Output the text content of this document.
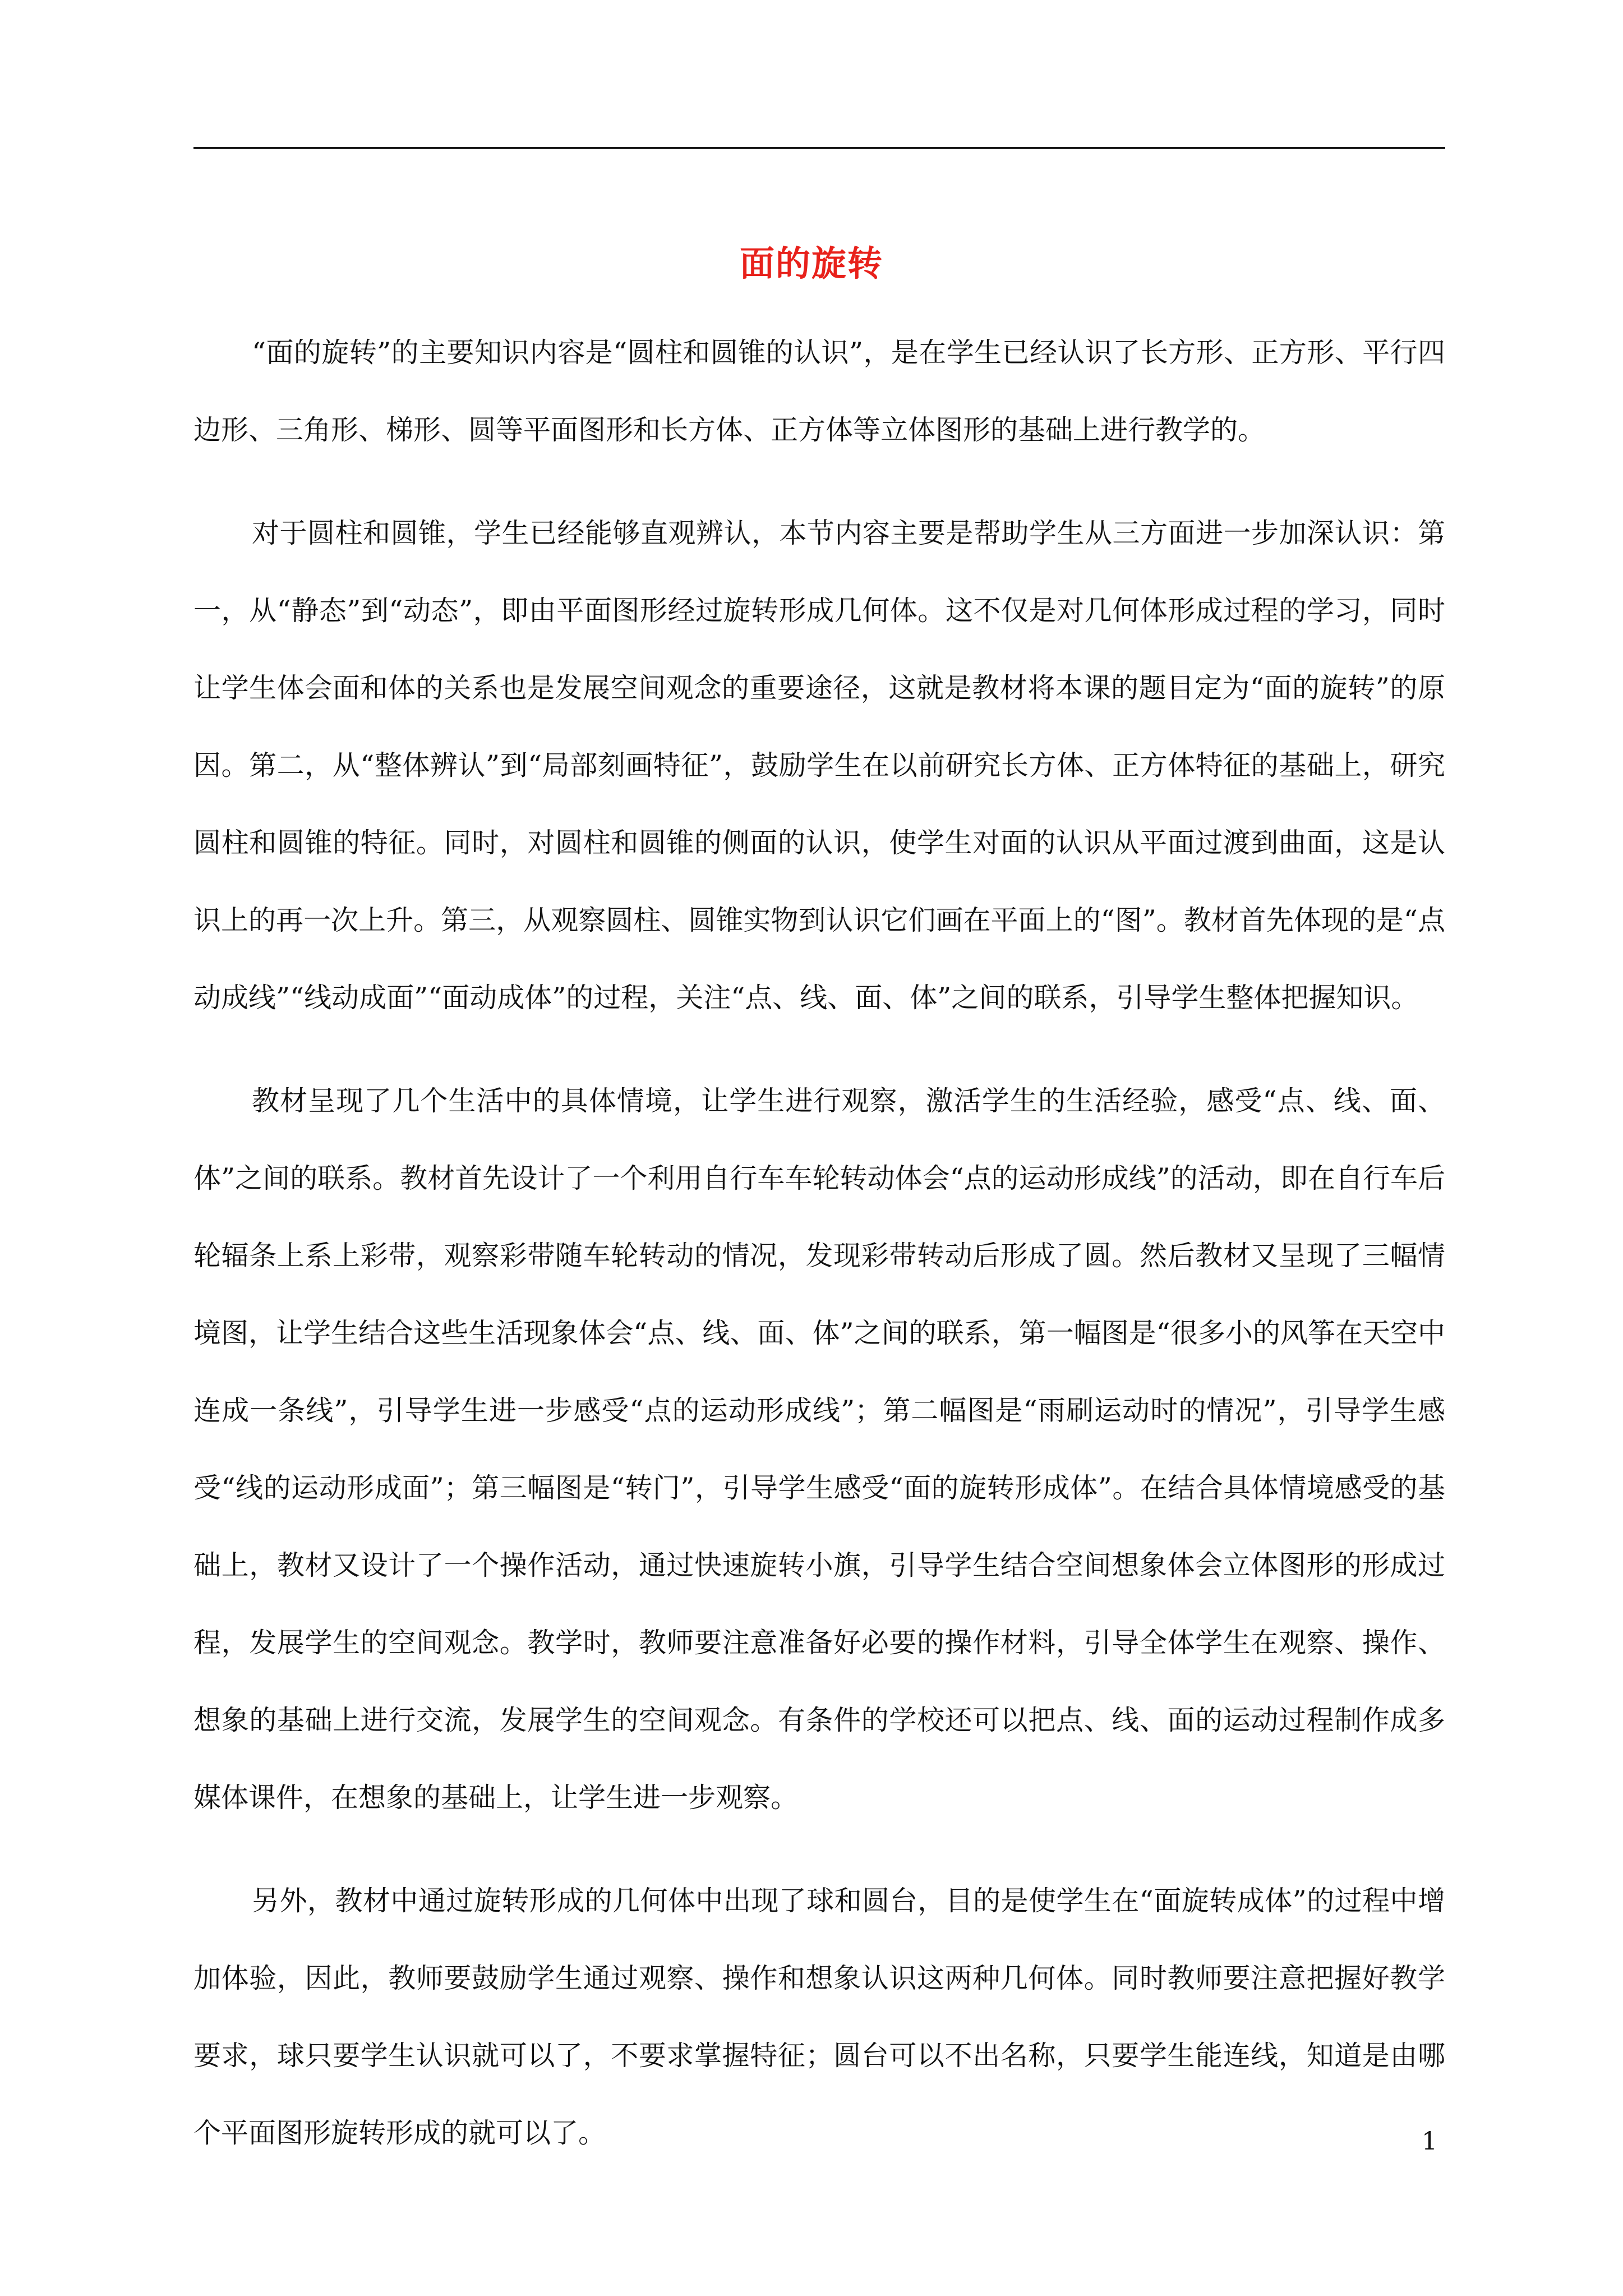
面的旋转

“面的旋转”的主要知识内容是“圆柱和圆锥的认识”，是在学生已经认识了长方形、正方形、平行四边形、三角形、梯形、圆等平面图形和长方体、正方体等立体图形的基础上进行教学的。

对于圆柱和圆锥，学生已经能够直观辨认，本节内容主要是帮助学生从三方面进一步加深认识：第一，从“静态”到“动态”，即由平面图形经过旋转形成几何体。这不仅是对几何体形成过程的学习，同时让学生体会面和体的关系也是发展空间观念的重要途径，这就是教材将本课的题目定为“面的旋转”的原因。第二，从“整体辨认”到“局部刻画特征”，鼓励学生在以前研究长方体、正方体特征的基础上，研究圆柱和圆锥的特征。同时，对圆柱和圆锥的侧面的认识，使学生对面的认识从平面过渡到曲面，这是认识上的再一次上升。第三，从观察圆柱、圆锥实物到认识它们画在平面上的“图”。教材首先体现的是“点动成线”“线动成面”“面动成体”的过程，关注“点、线、面、体”之间的联系，引导学生整体把握知识。

教材呈现了几个生活中的具体情境，让学生进行观察，激活学生的生活经验，感受“点、线、面、体”之间的联系。教材首先设计了一个利用自行车车轮转动体会“点的运动形成线”的活动，即在自行车后轮辐条上系上彩带，观察彩带随车轮转动的情况，发现彩带转动后形成了圆。然后教材又呈现了三幅情境图，让学生结合这些生活现象体会“点、线、面、体”之间的联系，第一幅图是“很多小的风筝在天空中连成一条线”，引导学生进一步感受“点的运动形成线”；第二幅图是“雨刷运动时的情况”，引导学生感受“线的运动形成面”；第三幅图是“转门”，引导学生感受“面的旋转形成体”。在结合具体情境感受的基础上，教材又设计了一个操作活动，通过快速旋转小旗，引导学生结合空间想象体会立体图形的形成过程，发展学生的空间观念。教学时，教师要注意准备好必要的操作材料，引导全体学生在观察、操作、想象的基础上进行交流，发展学生的空间观念。有条件的学校还可以把点、线、面的运动过程制作成多媒体课件，在想象的基础上，让学生进一步观察。

另外，教材中通过旋转形成的几何体中出现了球和圆台，目的是使学生在“面旋转成体”的过程中增加体验，因此，教师要鼓励学生通过观察、操作和想象认识这两种几何体。同时教师要注意把握好教学要求，球只要学生认识就可以了，不要求掌握特征；圆台可以不出名称，只要学生能连线，知道是由哪个平面图形旋转形成的就可以了。	1
